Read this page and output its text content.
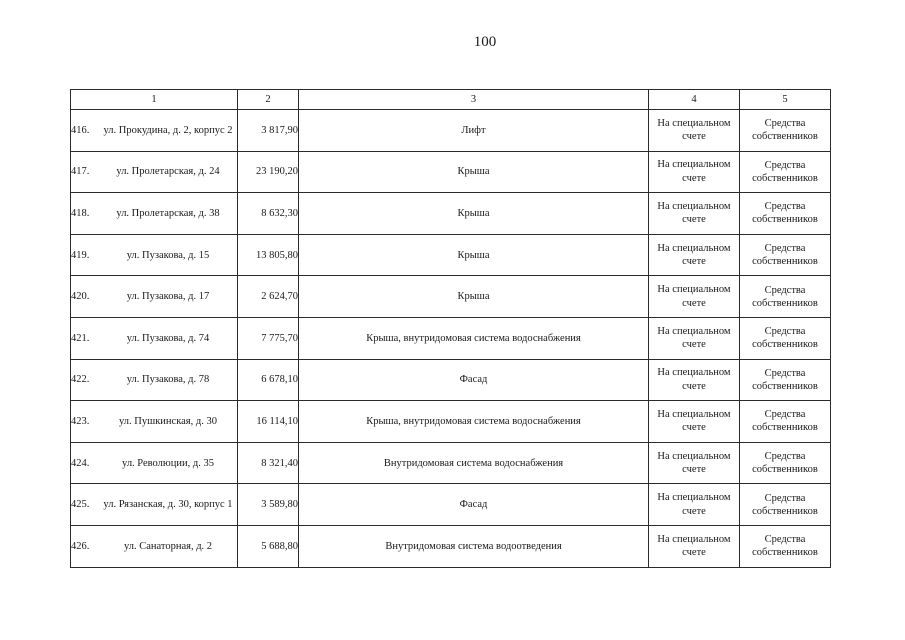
100
1	2	3	4	5

416. ул. Прокудина, д. 2, корпус 2	3 817,90	Лифт	На специальном счете	Средства собственников

417. ул. Пролетарская, д. 24	23 190,20	Крыша	На специальном счете	Средства собственников

418. ул. Пролетарская, д. 38	8 632,30	Крыша	На специальном счете	Средства собственников

419. ул. Пузакова, д. 15	13 805,80	Крыша	На специальном счете	Средства собственников

420. ул. Пузакова, д. 17	2 624,70	Крыша	На специальном счете	Средства собственников

421. ул. Пузакова, д. 74	7 775,70	Крыша, внутридомовая система водоснабжения	На специальном счете	Средства собственников

422. ул. Пузакова, д. 78	6 678,10	Фасад	На специальном счете	Средства собственников

423. ул. Пушкинская, д. 30	16 114,10	Крыша, внутридомовая система водоснабжения	На специальном счете	Средства собственников

424. ул. Революции, д. 35	8 321,40	Внутридомовая система водоснабжения	На специальном счете	Средства собственников

425. ул. Рязанская, д. 30, корпус 1	3 589,80	Фасад	На специальном счете	Средства собственников

426. ул. Санаторная, д. 2	5 688,80	Внутридомовая система водоотведения	На специальном счете	Средства собственников
